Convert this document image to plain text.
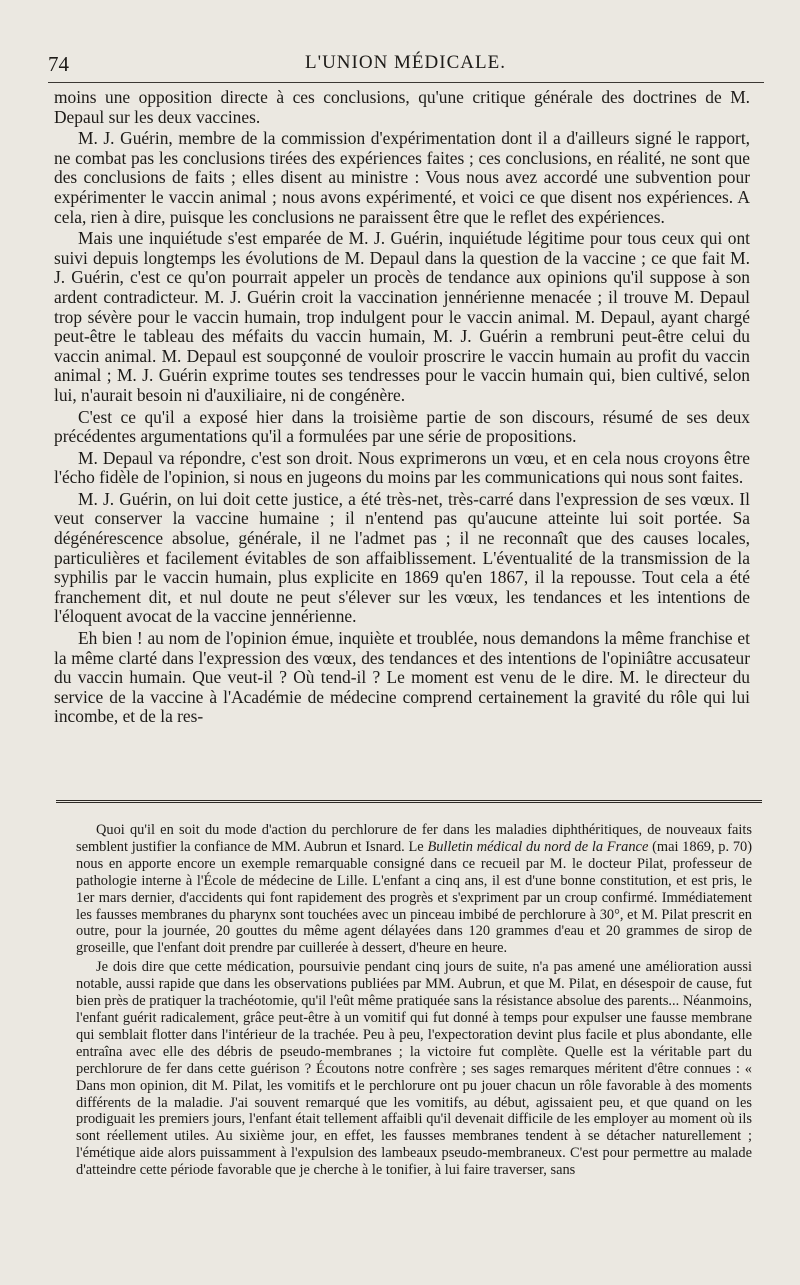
74	L'UNION MÉDICALE.

moins une opposition directe à ces conclusions, qu'une critique générale des doctrines de M. Depaul sur les deux vaccines.

M. J. Guérin, membre de la commission d'expérimentation dont il a d'ailleurs signé le rapport, ne combat pas les conclusions tirées des expériences faites ; ces conclusions, en réalité, ne sont que des conclusions de faits ; elles disent au ministre : Vous nous avez accordé une subvention pour expérimenter le vaccin animal ; nous avons expérimenté, et voici ce que disent nos expériences. A cela, rien à dire, puisque les conclusions ne paraissent être que le reflet des expériences.

Mais une inquiétude s'est emparée de M. J. Guérin, inquiétude légitime pour tous ceux qui ont suivi depuis longtemps les évolutions de M. Depaul dans la question de la vaccine ; ce que fait M. J. Guérin, c'est ce qu'on pourrait appeler un procès de tendance aux opinions qu'il suppose à son ardent contradicteur. M. J. Guérin croit la vaccination jennérienne menacée ; il trouve M. Depaul trop sévère pour le vaccin humain, trop indulgent pour le vaccin animal. M. Depaul, ayant chargé peut-être le tableau des méfaits du vaccin humain, M. J. Guérin a rembruni peut-être celui du vaccin animal. M. Depaul est soupçonné de vouloir proscrire le vaccin humain au profit du vaccin animal ; M. J. Guérin exprime toutes ses tendresses pour le vaccin humain qui, bien cultivé, selon lui, n'aurait besoin ni d'auxiliaire, ni de congénère.

C'est ce qu'il a exposé hier dans la troisième partie de son discours, résumé de ses deux précédentes argumentations qu'il a formulées par une série de propositions.

M. Depaul va répondre, c'est son droit. Nous exprimerons un vœu, et en cela nous croyons être l'écho fidèle de l'opinion, si nous en jugeons du moins par les communications qui nous sont faites.

M. J. Guérin, on lui doit cette justice, a été très-net, très-carré dans l'expression de ses vœux. Il veut conserver la vaccine humaine ; il n'entend pas qu'aucune atteinte lui soit portée. Sa dégénérescence absolue, générale, il ne l'admet pas ; il ne reconnaît que des causes locales, particulières et facilement évitables de son affaiblissement. L'éventualité de la transmission de la syphilis par le vaccin humain, plus explicite en 1869 qu'en 1867, il la repousse. Tout cela a été franchement dit, et nul doute ne peut s'élever sur les vœux, les tendances et les intentions de l'éloquent avocat de la vaccine jennérienne.

Eh bien ! au nom de l'opinion émue, inquiète et troublée, nous demandons la même franchise et la même clarté dans l'expression des vœux, des tendances et des intentions de l'opiniâtre accusateur du vaccin humain. Que veut-il ? Où tend-il ? Le moment est venu de le dire. M. le directeur du service de la vaccine à l'Académie de médecine comprend certainement la gravité du rôle qui lui incombe, et de la res-

Quoi qu'il en soit du mode d'action du perchlorure de fer dans les maladies diphthéritiques, de nouveaux faits semblent justifier la confiance de MM. Aubrun et Isnard. Le Bulletin médical du nord de la France (mai 1869, p. 70) nous en apporte encore un exemple remarquable consigné dans ce recueil par M. le docteur Pilat, professeur de pathologie interne à l'École de médecine de Lille. L'enfant a cinq ans, il est d'une bonne constitution, et est pris, le 1er mars dernier, d'accidents qui font rapidement des progrès et s'expriment par un croup confirmé. Immédiatement les fausses membranes du pharynx sont touchées avec un pinceau imbibé de perchlorure à 30°, et M. Pilat prescrit en outre, pour la journée, 20 gouttes du même agent délayées dans 120 grammes d'eau et 20 grammes de sirop de groseille, que l'enfant doit prendre par cuillerée à dessert, d'heure en heure.

Je dois dire que cette médication, poursuivie pendant cinq jours de suite, n'a pas amené une amélioration aussi notable, aussi rapide que dans les observations publiées par MM. Aubrun, et que M. Pilat, en désespoir de cause, fut bien près de pratiquer la trachéotomie, qu'il l'eût même pratiquée sans la résistance absolue des parents... Néanmoins, l'enfant guérit radicalement, grâce peut-être à un vomitif qui fut donné à temps pour expulser une fausse membrane qui semblait flotter dans l'intérieur de la trachée. Peu à peu, l'expectoration devint plus facile et plus abondante, elle entraîna avec elle des débris de pseudo-membranes ; la victoire fut complète. Quelle est la véritable part du perchlorure de fer dans cette guérison ? Écoutons notre confrère ; ses sages remarques méritent d'être connues : « Dans mon opinion, dit M. Pilat, les vomitifs et le perchlorure ont pu jouer chacun un rôle favorable à des moments différents de la maladie. J'ai souvent remarqué que les vomitifs, au début, agissaient peu, et que quand on les prodiguait les premiers jours, l'enfant était tellement affaibli qu'il devenait difficile de les employer au moment où ils sont réellement utiles. Au sixième jour, en effet, les fausses membranes tendent à se détacher naturellement ; l'émétique aide alors puissamment à l'expulsion des lambeaux pseudo-membraneux. C'est pour permettre au malade d'atteindre cette période favorable que je cherche à le tonifier, à lui faire traverser, sans
